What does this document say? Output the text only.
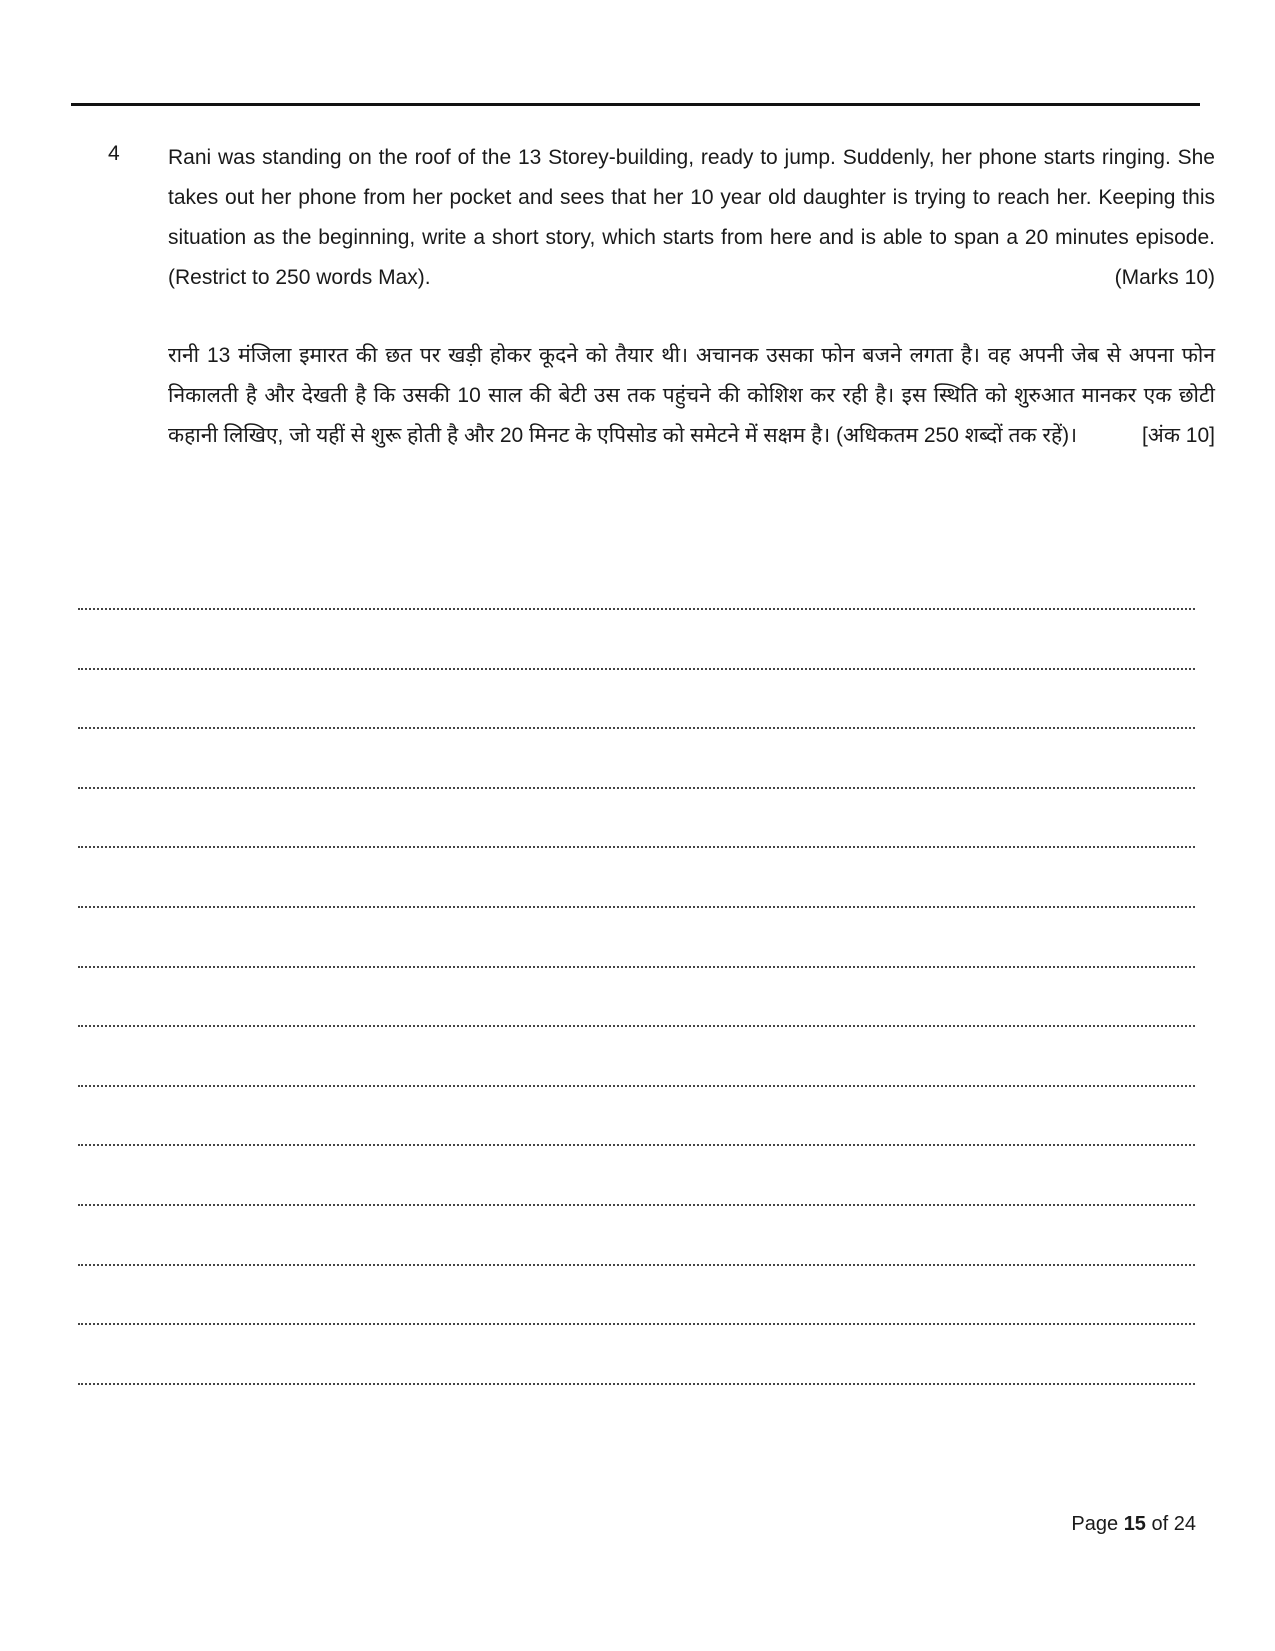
4 Rani was standing on the roof of the 13 Storey-building, ready to jump. Suddenly, her phone starts ringing. She takes out her phone from her pocket and sees that her 10 year old daughter is trying to reach her. Keeping this situation as the beginning, write a short story, which starts from here and is able to span a 20 minutes episode. (Restrict to 250 words Max).	(Marks 10)
रानी 13 मंजिला इमारत की छत पर खड़ी होकर कूदने को तैयार थी। अचानक उसका फोन बजने लगता है। वह अपनी जेब से अपना फोन निकालती है और देखती है कि उसकी 10 साल की बेटी उस तक पहुंचने की कोशिश कर रही है। इस स्थिति को शुरुआत मानकर एक छोटी कहानी लिखिए, जो यहीं से शुरू होती है और 20 मिनट के एपिसोड को समेटने में सक्षम है। (अधिकतम 250 शब्दों तक रहें)।	[अंक 10]
Page 15 of 24
